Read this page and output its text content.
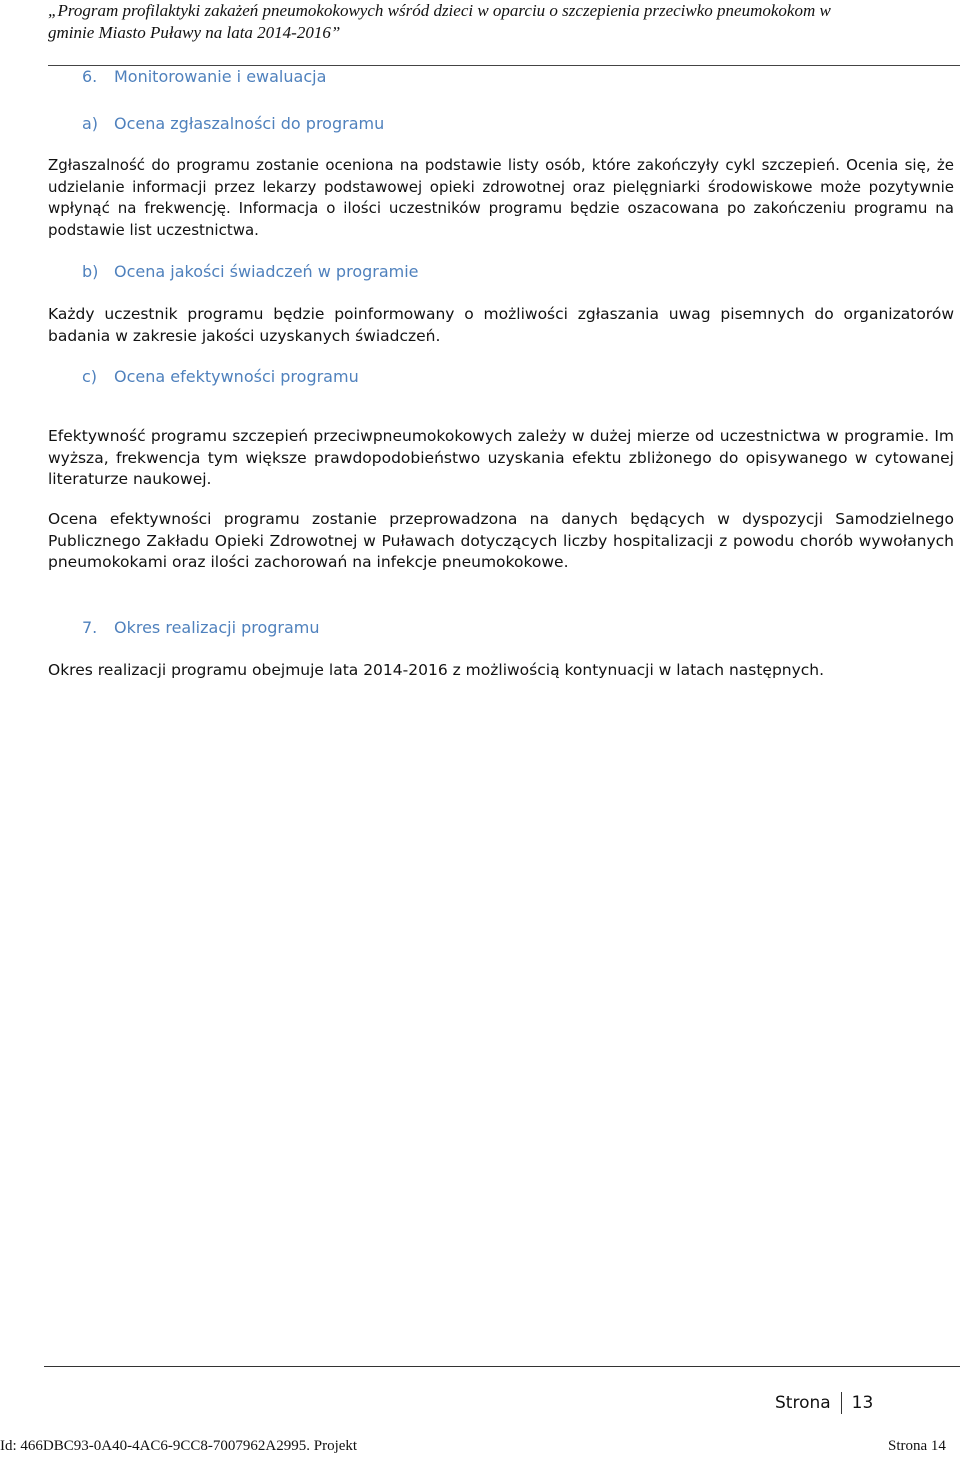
„Program profilaktyki zakażeń pneumokokowych wśród dzieci w oparciu o szczepienia przeciwko pneumokokom w
gminie Miasto Puławy na lata 2014-2016”
6. Monitorowanie i ewaluacja
a) Ocena zgłaszalności do programu
Zgłaszalność do programu zostanie oceniona na podstawie listy osób, które zakończyły cykl szczepień. Ocenia się, że udzielanie informacji przez lekarzy podstawowej opieki zdrowotnej oraz pielęgniarki środowiskowe może pozytywnie wpłynąć na frekwencję. Informacja o ilości uczestników programu będzie oszacowana po zakończeniu programu na podstawie list uczestnictwa.
b) Ocena jakości świadczeń w programie
Każdy uczestnik programu będzie poinformowany o możliwości zgłaszania uwag pisemnych do organizatorów badania w zakresie jakości uzyskanych świadczeń.
c) Ocena efektywności programu
Efektywność programu szczepień przeciwpneumokokowych zależy w dużej mierze od uczestnictwa w programie. Im wyższa, frekwencja tym większe prawdopodobieństwo uzyskania efektu zbliżonego do opisywanego w cytowanej literaturze naukowej.
Ocena efektywności programu zostanie przeprowadzona na danych będących w dyspozycji Samodzielnego Publicznego Zakładu Opieki Zdrowotnej w Puławach dotyczących liczby hospitalizacji z powodu chorób wywołanych pneumokokami oraz ilości zachorowań na infekcje pneumokokowe.
7. Okres realizacji programu
Okres realizacji programu obejmuje lata 2014-2016 z możliwością kontynuacji w latach następnych.
Strona 13
Id: 466DBC93-0A40-4AC6-9CC8-7007962A2995. Projekt	Strona 14
